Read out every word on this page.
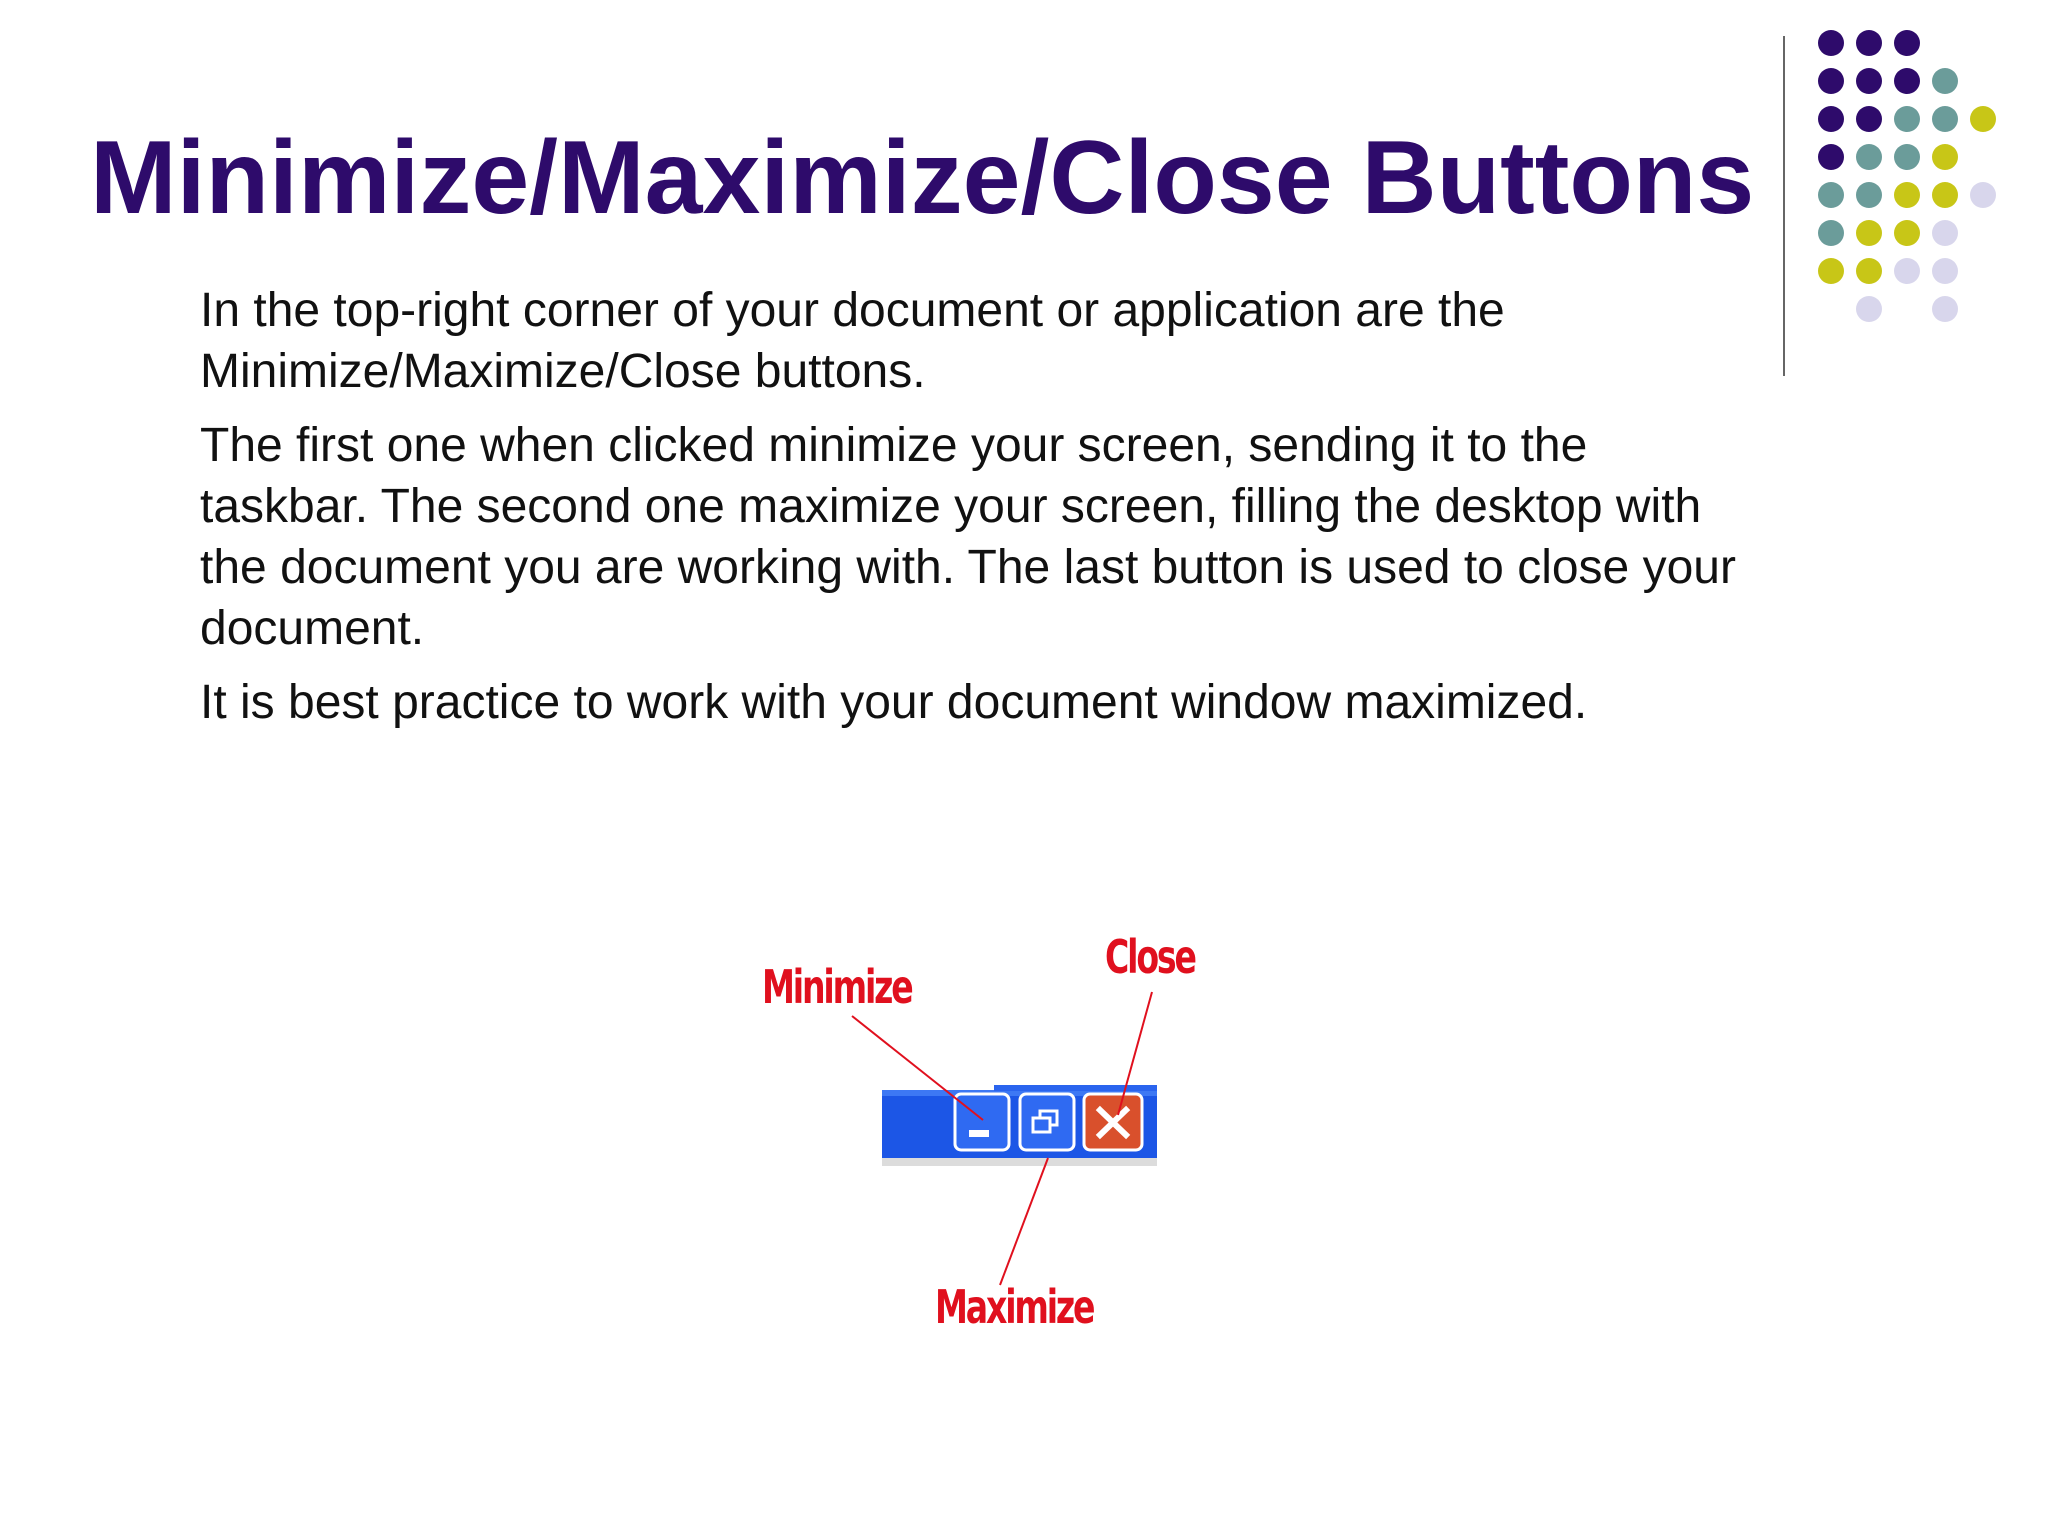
Minimize/Maximize/Close Buttons

In the top-right corner of your document or application are the Minimize/Maximize/Close buttons.

The first one when clicked minimize your screen, sending it to the taskbar. The second one maximize your screen, filling the desktop with the document you are working with. The last button is used to close your document.

It is best practice to work with your document window maximized.

Minimize
Close
Maximize
